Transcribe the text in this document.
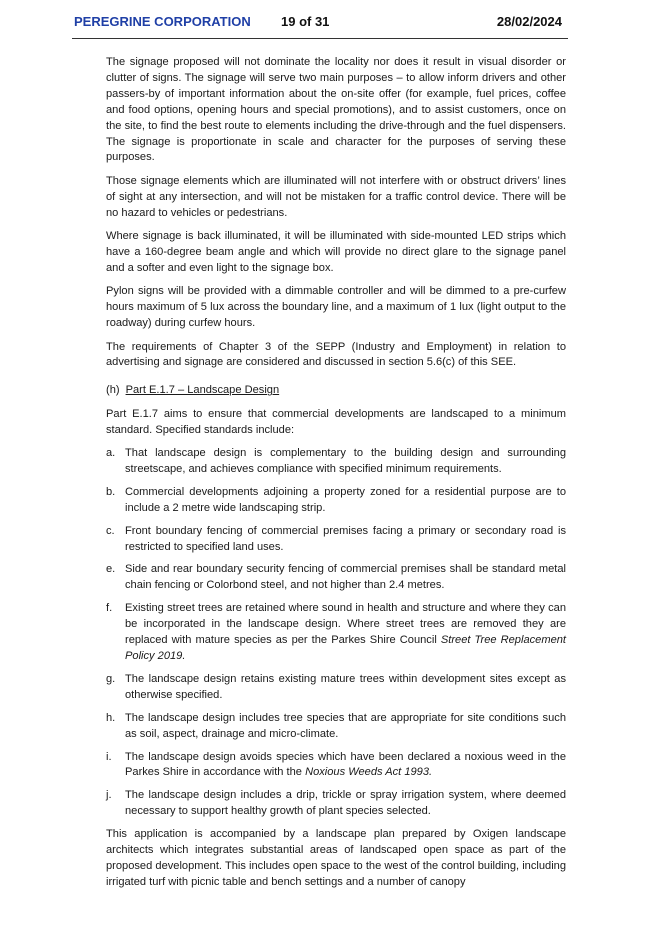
PEREGRINE CORPORATION 19 of 31	28/02/2024

The signage proposed will not dominate the locality nor does it result in visual disorder or clutter of signs. The signage will serve two main purposes – to allow inform drivers and other passers-by of important information about the on-site offer (for example, fuel prices, coffee and food options, opening hours and special promotions), and to assist customers, once on the site, to find the best route to elements including the drive-through and the fuel dispensers. The signage is proportionate in scale and character for the purposes of serving these purposes.

Those signage elements which are illuminated will not interfere with or obstruct drivers’ lines of sight at any intersection, and will not be mistaken for a traffic control device. There will be no hazard to vehicles or pedestrians.

Where signage is back illuminated, it will be illuminated with side-mounted LED strips which have a 160-degree beam angle and which will provide no direct glare to the signage panel and a softer and even light to the signage box.

Pylon signs will be provided with a dimmable controller and will be dimmed to a pre-curfew hours maximum of 5 lux across the boundary line, and a maximum of 1 lux (light output to the roadway) during curfew hours.

The requirements of Chapter 3 of the SEPP (Industry and Employment) in relation to advertising and signage are considered and discussed in section 5.6(c) of this SEE.

(h) Part E.1.7 – Landscape Design

Part E.1.7 aims to ensure that commercial developments are landscaped to a minimum standard. Specified standards include:

a. That landscape design is complementary to the building design and surrounding streetscape, and achieves compliance with specified minimum requirements.
b. Commercial developments adjoining a property zoned for a residential purpose are to include a 2 metre wide landscaping strip.
c. Front boundary fencing of commercial premises facing a primary or secondary road is restricted to specified land uses.
e. Side and rear boundary security fencing of commercial premises shall be standard metal chain fencing or Colorbond steel, and not higher than 2.4 metres.
f. Existing street trees are retained where sound in health and structure and where they can be incorporated in the landscape design. Where street trees are removed they are replaced with mature species as per the Parkes Shire Council Street Tree Replacement Policy 2019.
g. The landscape design retains existing mature trees within development sites except as otherwise specified.
h. The landscape design includes tree species that are appropriate for site conditions such as soil, aspect, drainage and micro-climate.
i. The landscape design avoids species which have been declared a noxious weed in the Parkes Shire in accordance with the Noxious Weeds Act 1993.
j. The landscape design includes a drip, trickle or spray irrigation system, where deemed necessary to support healthy growth of plant species selected.

This application is accompanied by a landscape plan prepared by Oxigen landscape architects which integrates substantial areas of landscaped open space as part of the proposed development. This includes open space to the west of the control building, including irrigated turf with picnic table and bench settings and a number of canopy
